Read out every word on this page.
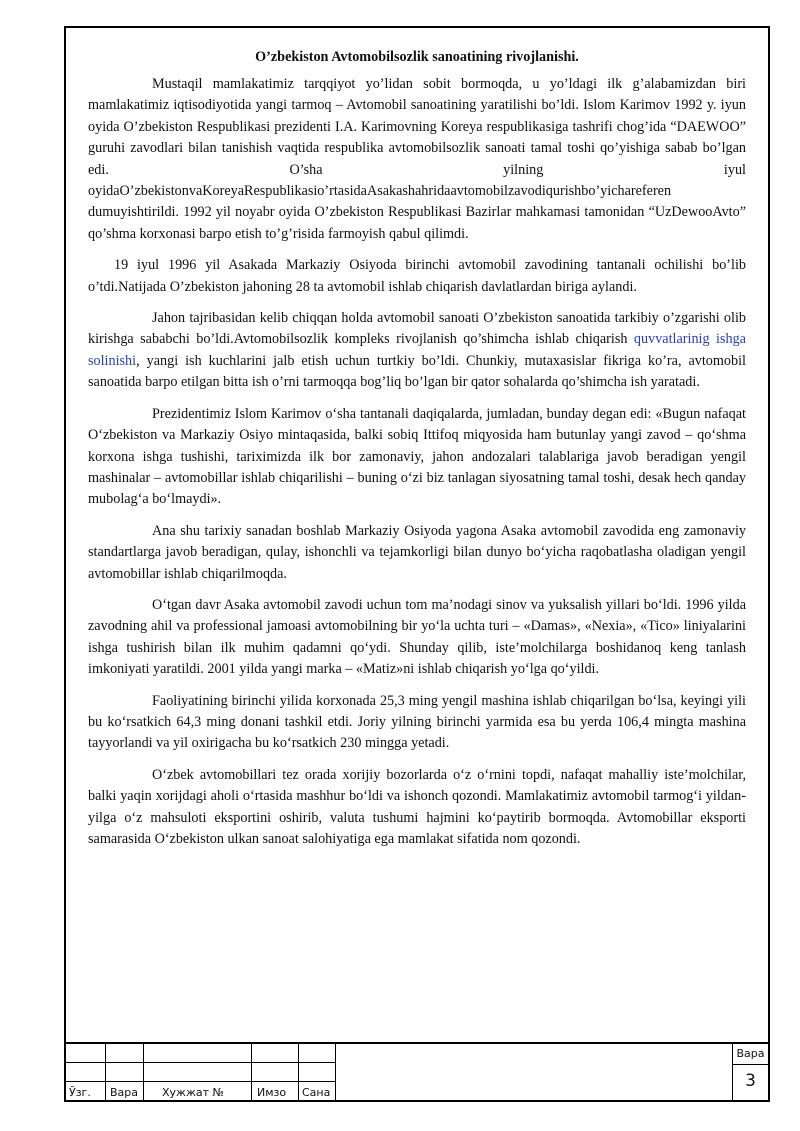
O’zbekiston Avtomobilsozlik sanoatining rivojlanishi.

Mustaqil mamlakatimiz tarqqiyot yo’lidan sobit bormoqda, u yo’ldagi ilk g’alabamizdan biri mamlakatimiz iqtisodiyotida yangi tarmoq – Avtomobil sanoatining yaratilishi bo’ldi. Islom Karimov 1992 y. iyun oyida O’zbekiston Respublikasi prezidenti I.A. Karimovning Koreya respublikasiga tashrifi chog’ida “DAEWOO” guruhi zavodlari bilan tanishish vaqtida respublika avtomobilsozlik sanoati tamal toshi qo’yishiga sabab bo’lgan edi. O’sha yilning iyul oyidaO’zbekistonvaKoreyaRespublikasio’rtasidaAsakashahridaavtomobilzavodiqurishbo’yichareferen dumuyishtirildi. 1992 yil noyabr oyida O’zbekiston Respublikasi Bazirlar mahkamasi tamonidan “UzDewooAvto” qo’shma korxonasi barpo etish to’g’risida farmoyish qabul qilimdi.

19 iyul 1996 yil Asakada Markaziy Osiyoda birinchi avtomobil zavodining tantanali ochilishi bo’lib o’tdi.Natijada O’zbekiston jahoning 28 ta avtomobil ishlab chiqarish davlatlardan biriga aylandi.

Jahon tajribasidan kelib chiqqan holda avtomobil sanoati O’zbekiston sanoatida tarkibiy o’zgarishi olib kirishga sababchi bo’ldi.Avtomobilsozlik kompleks rivojlanish qo’shimcha ishlab chiqarish quvvatlarinig ishga solinishi, yangi ish kuchlarini jalb etish uchun turtkiy bo’ldi. Chunkiy, mutaxasislar fikriga ko’ra, avtomobil sanoatida barpo etilgan bitta ish o’rni tarmoqqa bog’liq bo’lgan bir qator sohalarda qo’shimcha ish yaratadi.

Prezidentimiz Islom Karimov o‘sha tantanali daqiqalarda, jumladan, bunday degan edi: «Bugun nafaqat O‘zbekiston va Markaziy Osiyo mintaqasida, balki sobiq Ittifoq miqyosida ham butunlay yangi zavod – qo‘shma korxona ishga tushishi, tariximizda ilk bor zamonaviy, jahon andozalari talablariga javob beradigan yengil mashinalar – avtomobillar ishlab chiqarilishi – buning o‘zi biz tanlagan siyosatning tamal toshi, desak hech qanday mubolag‘a bo‘lmaydi».

Ana shu tarixiy sanadan boshlab Markaziy Osiyoda yagona Asaka avtomobil zavodida eng zamonaviy standartlarga javob beradigan, qulay, ishonchli va tejamkorligi bilan dunyo bo‘yicha raqobatlasha oladigan yengil avtomobillar ishlab chiqarilmoqda.

O‘tgan davr Asaka avtomobil zavodi uchun tom ma’nodagi sinov va yuksalish yillari bo‘ldi. 1996 yilda zavodning ahil va professional jamoasi avtomobilning bir yo‘la uchta turi – «Damas», «Nexia», «Tico» liniyalarini ishga tushirish bilan ilk muhim qadamni qo‘ydi. Shunday qilib, iste’molchilarga boshidanoq keng tanlash imkoniyati yaratildi. 2001 yilda yangi marka – «Matiz»ni ishlab chiqarish yo‘lga qo‘yildi.

Faoliyatining birinchi yilida korxonada 25,3 ming yengil mashina ishlab chiqarilgan bo‘lsa, keyingi yili bu ko‘rsatkich 64,3 ming donani tashkil etdi. Joriy yilning birinchi yarmida esa bu yerda 106,4 mingta mashina tayyorlandi va yil oxirigacha bu ko‘rsatkich 230 mingga yetadi.

O‘zbek avtomobillari tez orada xorijiy bozorlarda o‘z o‘rnini topdi, nafaqat mahalliy iste’molchilar, balki yaqin xorijdagi aholi o‘rtasida mashhur bo‘ldi va ishonch qozondi. Mamlakatimiz avtomobil tarmog‘i yildan- yilga o‘z mahsuloti eksportini oshirib, valuta tushumi hajmini ko‘paytirib bormoqda. Avtomobillar eksporti samarasida O‘zbekiston ulkan sanoat salohiyatiga ega mamlakat sifatida nom qozondi.

Ўзг. Вара Хужжат №	Имзо Сана
Вара
3
